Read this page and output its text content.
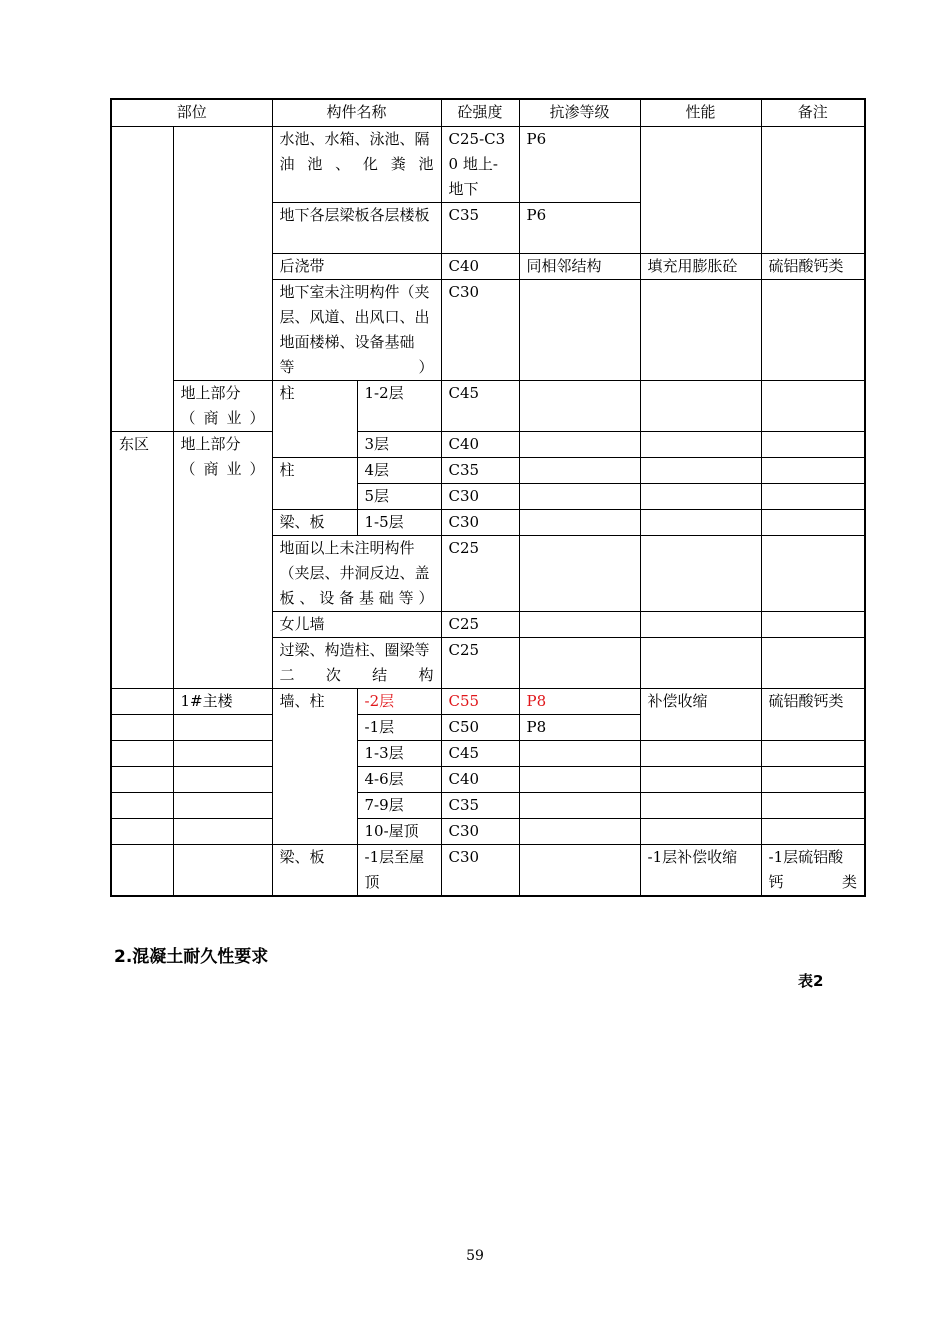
部位		构件名称		砼强度	抗渗等级	性能	备注
		水池、水箱、泳池、隔油池、化粪池		C25-C30 地上-地下	P6		
		地下各层梁板各层楼板		C35	P6		
		后浇带		C40	同相邻结构	填充用膨胀砼	硫铝酸钙类
		地下室未注明构件（夹层、风道、出风口、出地面楼梯、设备基础等）		C30			
	地上部分（商业）	柱	1-2层	C45			
东区	地上部分（商业）		3层	C40			
		柱	4层	C35			
			5层	C30			
		梁、板	1-5层	C30			
		地面以上未注明构件（夹层、井洞反边、盖板、设备基础等）		C25			
		女儿墙		C25			
		过梁、构造柱、圈梁等二次结构		C25			
	1#主楼	墙、柱	-2层	C55	P8	补偿收缩	硫铝酸钙类
			-1层	C50	P8		
			1-3层	C45			
			4-6层	C40			
			7-9层	C35			
			10-屋顶	C30			
		梁、板	-1层至屋顶	C30		-1层补偿收缩	-1层硫铝酸钙类
2.混凝土耐久性要求
表2
59
